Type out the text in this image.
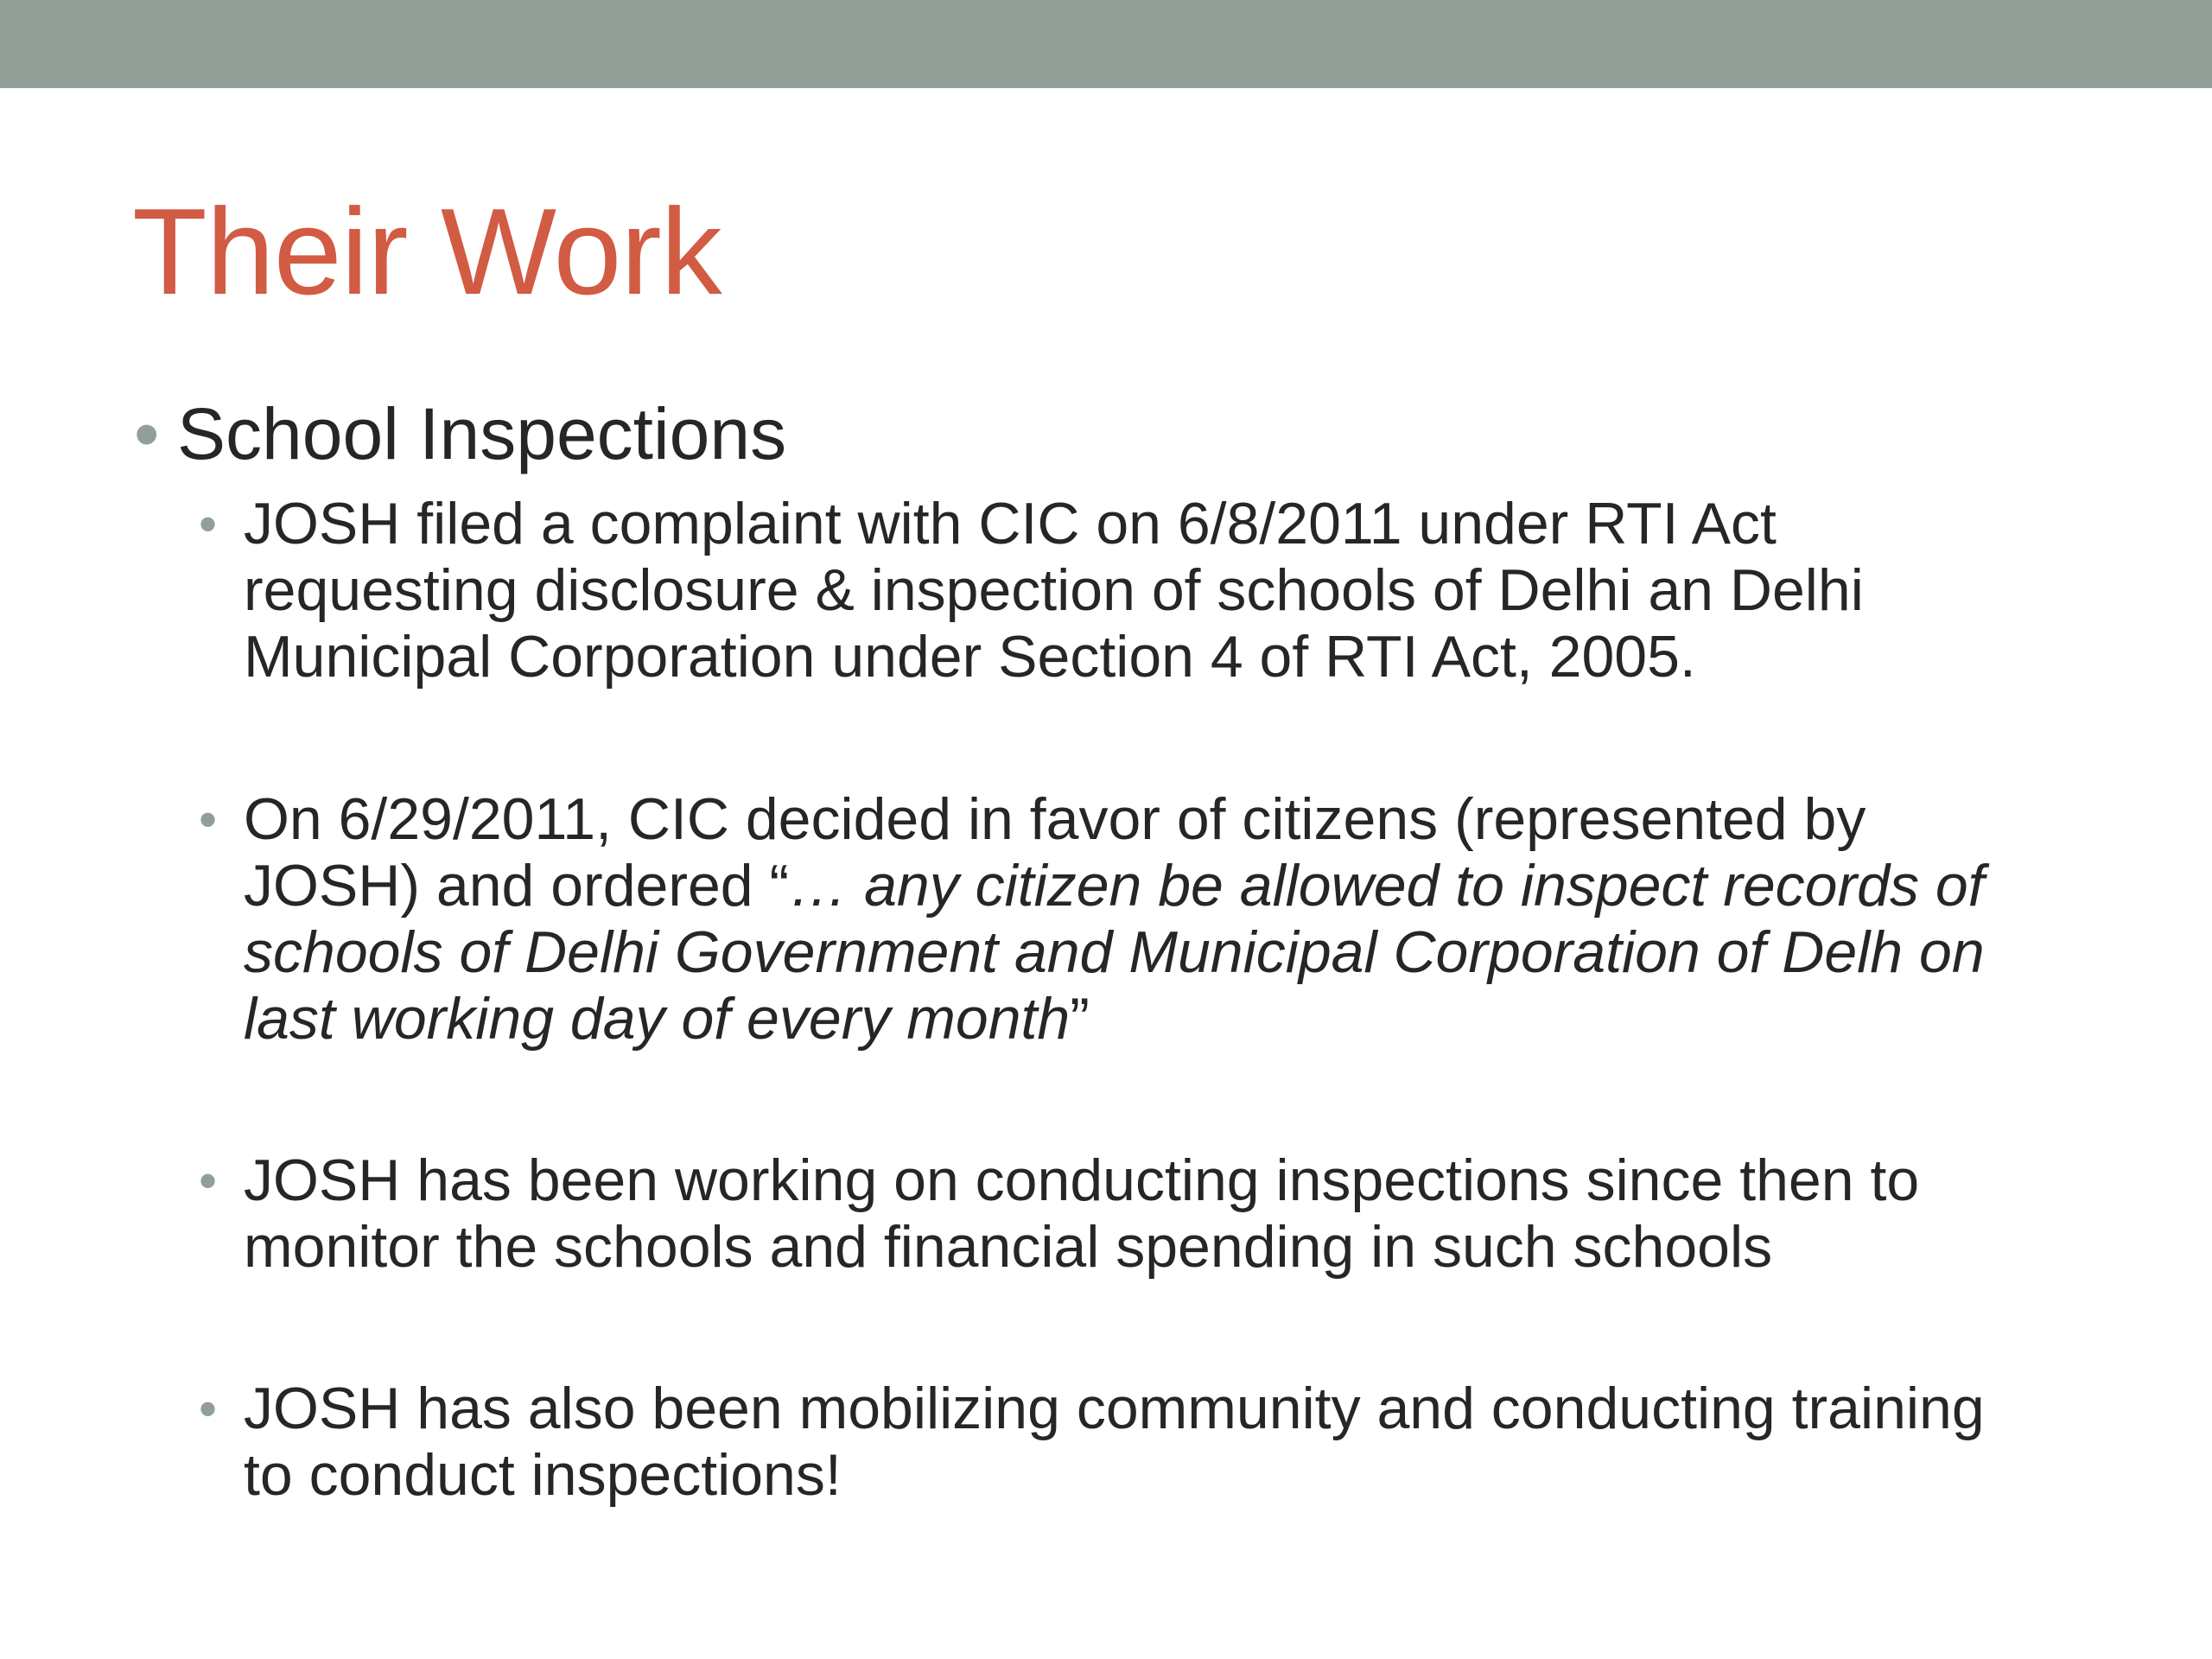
Their Work
• School Inspections
• JOSH filed a complaint with CIC on 6/8/2011 under RTI Act
requesting disclosure & inspection of schools of Delhi an Delhi
Municipal Corporation under Section 4 of RTI Act, 2005.
• On 6/29/2011, CIC decided in favor of citizens (represented by
JOSH) and ordered “… any citizen be allowed to inspect records of
schools of Delhi Government and Municipal Corporation of Delh on
last working day of every month”
• JOSH has been working on conducting inspections since then to
monitor the schools and financial spending in such schools
• JOSH has also been mobilizing community and conducting training
to conduct inspections!
